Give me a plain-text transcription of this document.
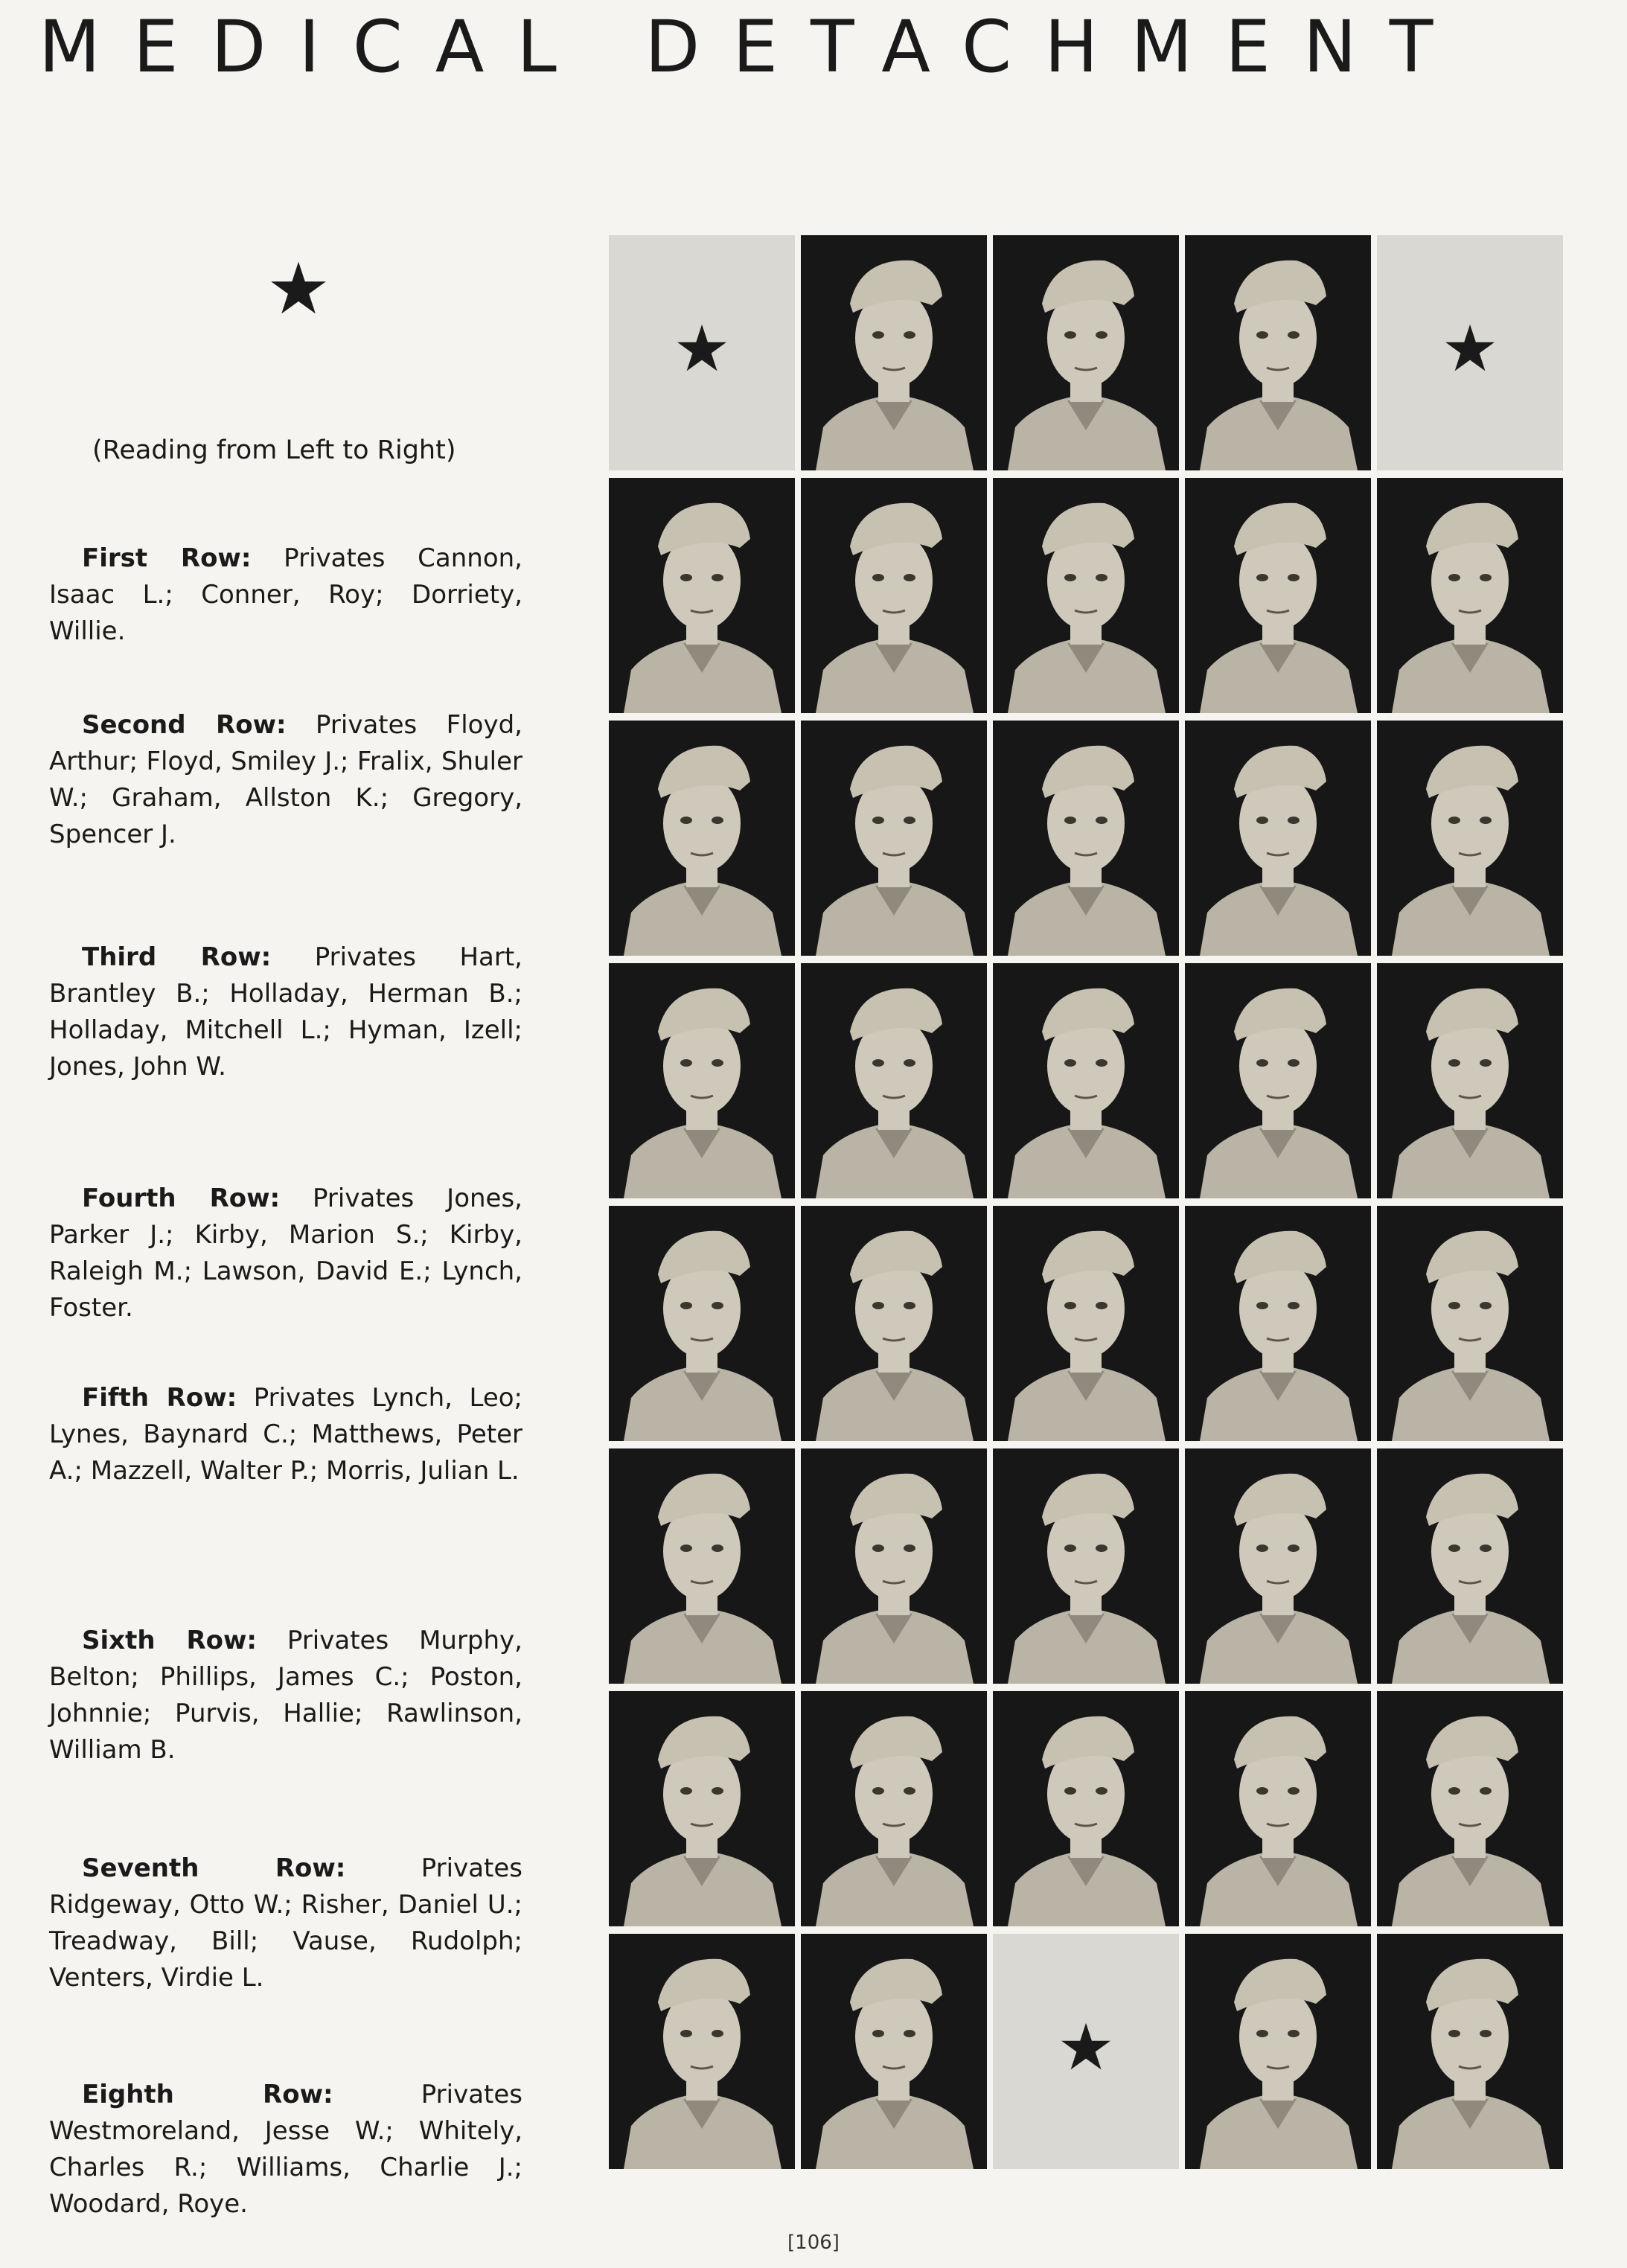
MEDICAL DETACHMENT
★
(Reading from Left to Right)
First Row: Privates Cannon, Isaac L.; Conner, Roy; Dorriety, Willie.
Second Row: Privates Floyd, Arthur; Floyd, Smiley J.; Fralix, Shuler W.; Graham, Allston K.; Gregory, Spencer J.
Third Row: Privates Hart, Brantley B.; Holladay, Herman B.; Holladay, Mitchell L.; Hyman, Izell; Jones, John W.
Fourth Row: Privates Jones, Parker J.; Kirby, Marion S.; Kirby, Raleigh M.; Lawson, David E.; Lynch, Foster.
Fifth Row: Privates Lynch, Leo; Lynes, Baynard C.; Matthews, Peter A.; Mazzell, Walter P.; Morris, Julian L.
Sixth Row: Privates Murphy, Belton; Phillips, James C.; Poston, Johnnie; Purvis, Hallie; Rawlinson, William B.
Seventh Row: Privates Ridgeway, Otto W.; Risher, Daniel U.; Treadway, Bill; Vause, Rudolph; Venters, Virdie L.
Eighth Row: Privates Westmoreland, Jesse W.; Whitely, Charles R.; Williams, Charlie J.; Woodard, Roye.
★	★
★
[106]
